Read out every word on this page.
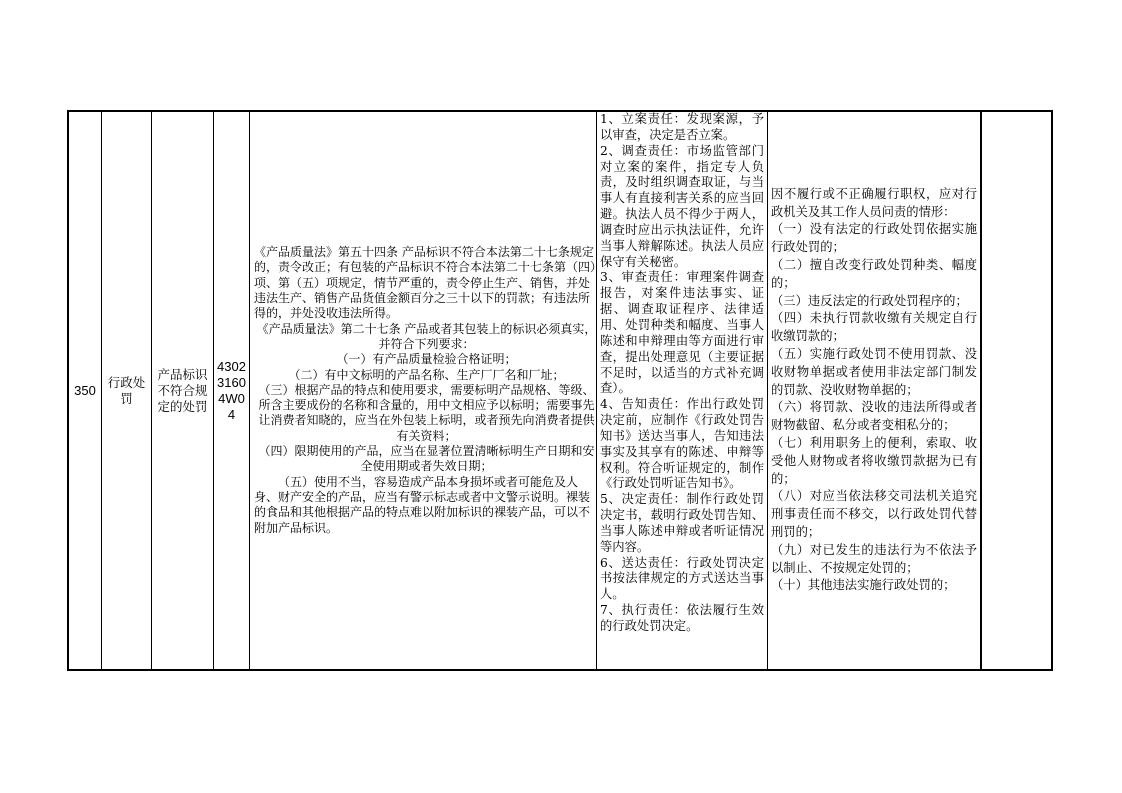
350
行政处罚
产品标识不符合规定的处罚
4302
3160
4W0
4

《产品质量法》第五十四条 产品标识不符合本法第二十七条规定的，责令改正；有包装的产品标识不符合本法第二十七条第（四）项、第（五）项规定，情节严重的，责令停止生产、销售，并处违法生产、销售产品货值金额百分之三十以下的罚款；有违法所得的，并处没收违法所得。

《产品质量法》第二十七条 产品或者其包装上的标识必须真实，并符合下列要求：

（一）有产品质量检验合格证明；

（二）有中文标明的产品名称、生产厂厂名和厂址；

（三）根据产品的特点和使用要求，需要标明产品规格、等级、所含主要成份的名称和含量的，用中文相应予以标明；需要事先让消费者知晓的，应当在外包装上标明，或者预先向消费者提供有关资料；

（四）限期使用的产品，应当在显著位置清晰标明生产日期和安全使用期或者失效日期；

（五）使用不当，容易造成产品本身损坏或者可能危及人身、财产安全的产品，应当有警示标志或者中文警示说明。裸装的食品和其他根据产品的特点难以附加标识的裸装产品，可以不附加产品标识。

1、立案责任：发现案源，予以审查，决定是否立案。

2、调查责任：市场监管部门对立案的案件，指定专人负责，及时组织调查取证，与当事人有直接利害关系的应当回避。执法人员不得少于两人，调查时应出示执法证件，允许当事人辩解陈述。执法人员应保守有关秘密。

3、审查责任：审理案件调查报告，对案件违法事实、证据、调查取证程序、法律适用、处罚种类和幅度、当事人陈述和申辩理由等方面进行审查，提出处理意见（主要证据不足时，以适当的方式补充调查）。

4、告知责任：作出行政处罚决定前，应制作《行政处罚告知书》送达当事人，告知违法事实及其享有的陈述、申辩等权利。符合听证规定的，制作《行政处罚听证告知书》。

5、决定责任：制作行政处罚决定书，载明行政处罚告知、当事人陈述申辩或者听证情况等内容。

6、送达责任：行政处罚决定书按法律规定的方式送达当事人。

7、执行责任：依法履行生效的行政处罚决定。

因不履行或不正确履行职权，应对行政机关及其工作人员问责的情形：

（一）没有法定的行政处罚依据实施行政处罚的；

（二）擅自改变行政处罚种类、幅度的；

（三）违反法定的行政处罚程序的；

（四）未执行罚款收缴有关规定自行收缴罚款的；

（五）实施行政处罚不使用罚款、没收财物单据或者使用非法定部门制发的罚款、没收财物单据的；

（六）将罚款、没收的违法所得或者财物截留、私分或者变相私分的；

（七）利用职务上的便利，索取、收受他人财物或者将收缴罚款据为已有的；

（八）对应当依法移交司法机关追究刑事责任而不移交，以行政处罚代替刑罚的；

（九）对已发生的违法行为不依法予以制止、不按规定处罚的；

（十）其他违法实施行政处罚的；
